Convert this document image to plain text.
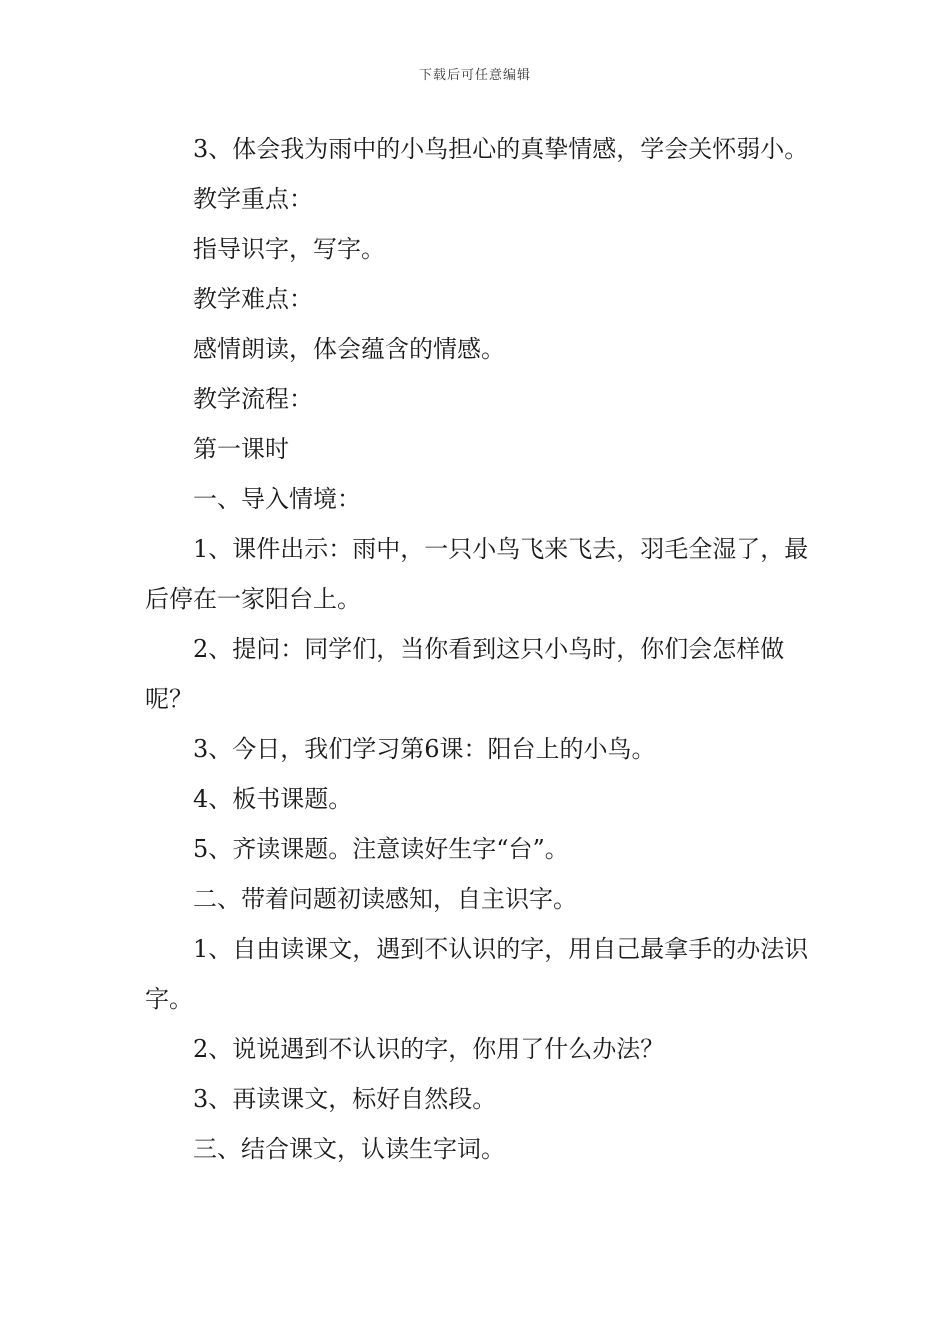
下载后可任意编辑

3、体会我为雨中的小鸟担心的真挚情感，学会关怀弱小。

教学重点：

指导识字，写字。

教学难点：

感情朗读，体会蕴含的情感。

教学流程：

第一课时

一、导入情境：

1、课件出示：雨中，一只小鸟飞来飞去，羽毛全湿了，最后停在一家阳台上。

2、提问：同学们，当你看到这只小鸟时，你们会怎样做呢？

3、今日，我们学习第6课：阳台上的小鸟。

4、板书课题。

5、齐读课题。注意读好生字“台”。

二、带着问题初读感知，自主识字。

1、自由读课文，遇到不认识的字，用自己最拿手的办法识字。

2、说说遇到不认识的字，你用了什么办法？

3、再读课文，标好自然段。

三、结合课文，认读生字词。
